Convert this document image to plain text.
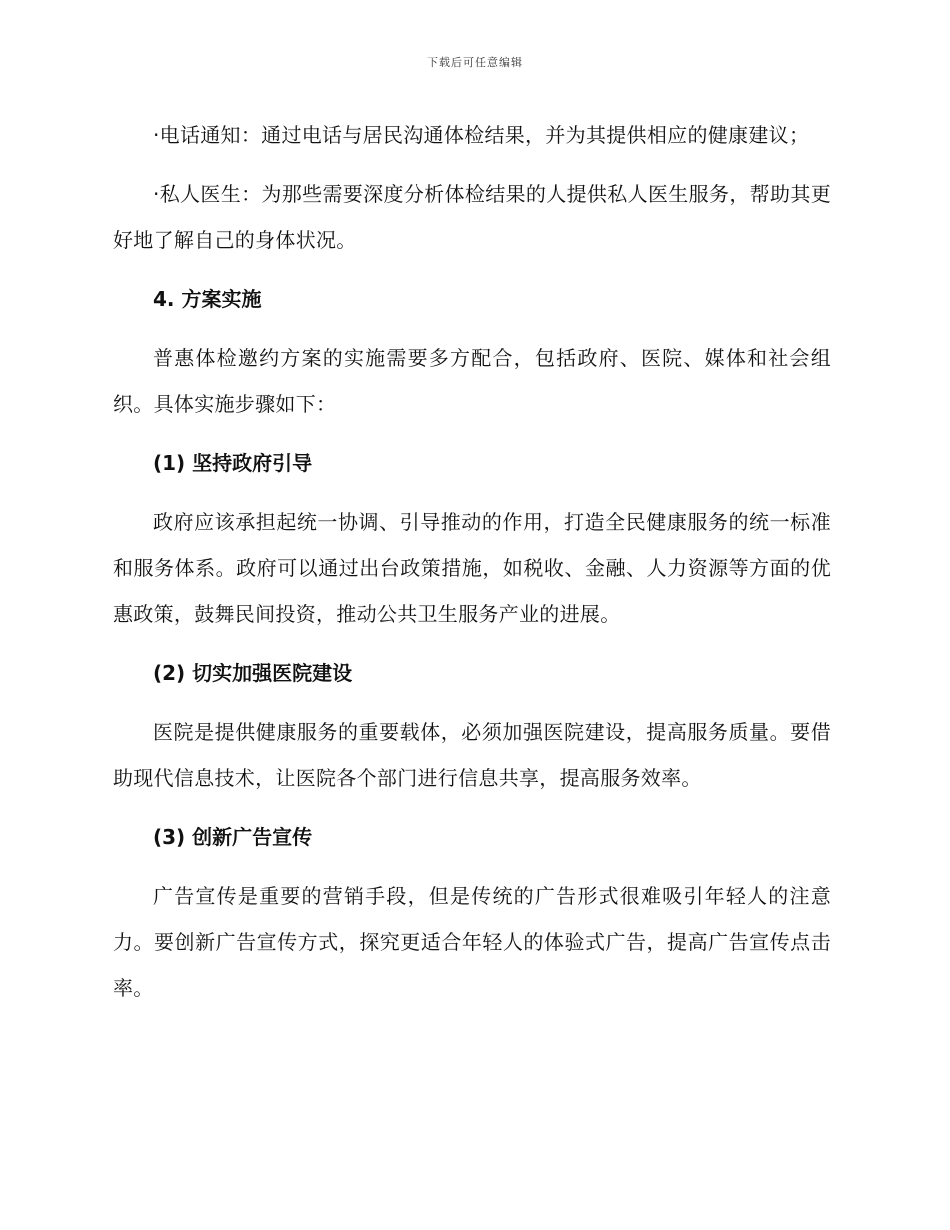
下载后可任意编辑

·电话通知：通过电话与居民沟通体检结果，并为其提供相应的健康建议；

·私人医生：为那些需要深度分析体检结果的人提供私人医生服务，帮助其更好地了解自己的身体状况。

4. 方案实施

普惠体检邀约方案的实施需要多方配合，包括政府、医院、媒体和社会组织。具体实施步骤如下：

(1) 坚持政府引导

政府应该承担起统一协调、引导推动的作用，打造全民健康服务的统一标准和服务体系。政府可以通过出台政策措施，如税收、金融、人力资源等方面的优惠政策，鼓舞民间投资，推动公共卫生服务产业的进展。

(2) 切实加强医院建设

医院是提供健康服务的重要载体，必须加强医院建设，提高服务质量。要借助现代信息技术，让医院各个部门进行信息共享，提高服务效率。

(3) 创新广告宣传

广告宣传是重要的营销手段，但是传统的广告形式很难吸引年轻人的注意力。要创新广告宣传方式，探究更适合年轻人的体验式广告，提高广告宣传点击率。
